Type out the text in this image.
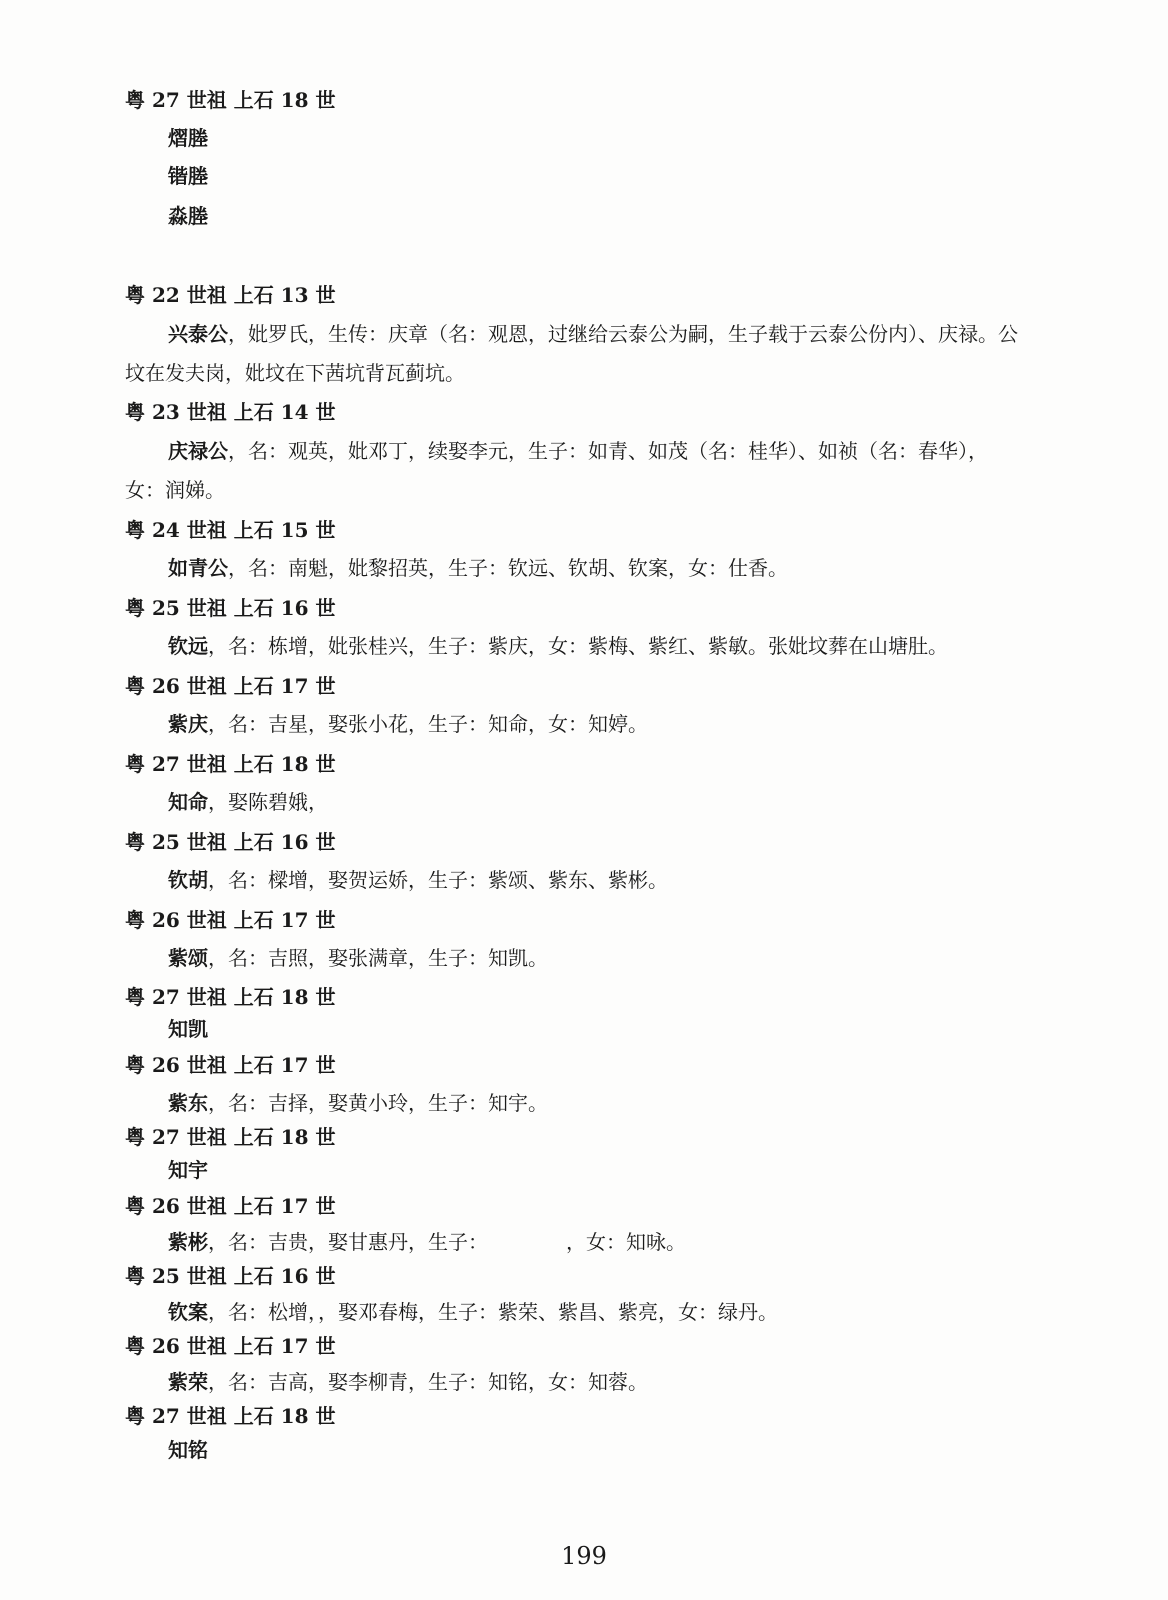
粤 27 世祖 上石 18 世
熠塍
锴塍
淼塍
粤 22 世祖 上石 13 世
兴泰公，妣罗氏，生传：庆章（名：观恩，过继给云泰公为嗣，生子载于云泰公份内）、庆禄。公
坟在发夫岗，妣坟在下茜坑背瓦蓟坑。
粤 23 世祖 上石 14 世
庆禄公，名：观英，妣邓丁，续娶李元，生子：如青、如茂（名：桂华）、如祯（名：春华），
女：润娣。
粤 24 世祖 上石 15 世
如青公，名：南魁，妣黎招英，生子：钦远、钦胡、钦案，女：仕香。
粤 25 世祖 上石 16 世
钦远，名：栋增，妣张桂兴，生子：紫庆，女：紫梅、紫红、紫敏。张妣坟葬在山塘肚。
粤 26 世祖 上石 17 世
紫庆，名：吉星，娶张小花，生子：知命，女：知婷。
粤 27 世祖 上石 18 世
知命，娶陈碧娥，
粤 25 世祖 上石 16 世
钦胡，名：樑增，娶贺运娇，生子：紫颂、紫东、紫彬。
粤 26 世祖 上石 17 世
紫颂，名：吉照，娶张满章，生子：知凯。
粤 27 世祖 上石 18 世
知凯
粤 26 世祖 上石 17 世
紫东，名：吉择，娶黄小玲，生子：知宇。
粤 27 世祖 上石 18 世
知宇
粤 26 世祖 上石 17 世
紫彬，名：吉贵，娶甘惠丹，生子：	，女：知咏。
粤 25 世祖 上石 16 世
钦案，名：松增，，娶邓春梅，生子：紫荣、紫昌、紫亮，女：绿丹。
粤 26 世祖 上石 17 世
紫荣，名：吉高，娶李柳青，生子：知铭，女：知蓉。
粤 27 世祖 上石 18 世
知铭
199
